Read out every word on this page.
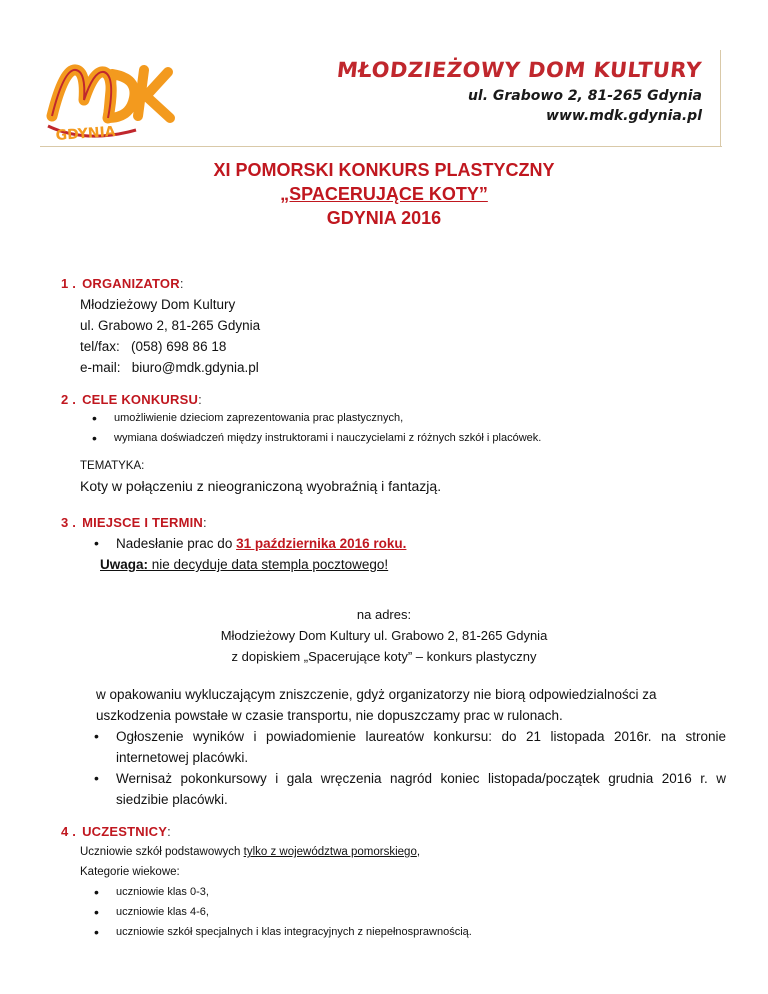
GDYNIA
MŁODZIEŻOWY DOM KULTURY
ul. Grabowo 2, 81-265 Gdynia
www.mdk.gdynia.pl
XI POMORSKI KONKURS PLASTYCZNY
„SPACERUJĄCE KOTY”
GDYNIA 2016
1 . ORGANIZATOR:
Młodzieżowy Dom Kultury
ul. Grabowo 2, 81-265 Gdynia
tel/fax:   (058) 698 86 18
e-mail:   biuro@mdk.gdynia.pl
2 . CELE KONKURSU:
• umożliwienie dzieciom zaprezentowania prac plastycznych,
• wymiana doświadczeń między instruktorami i nauczycielami z różnych szkół i placówek.
TEMATYKA:
Koty w połączeniu z nieograniczoną wyobraźnią i fantazją.
3 . MIEJSCE I TERMIN:
• Nadesłanie prac do 31 października 2016 roku.
Uwaga: nie decyduje data stempla pocztowego!
na adres:
Młodzieżowy Dom Kultury ul. Grabowo 2, 81-265 Gdynia
z dopiskiem „Spacerujące koty” – konkurs plastyczny
w opakowaniu wykluczającym zniszczenie, gdyż organizatorzy nie biorą odpowiedzialności za
uszkodzenia powstałe w czasie transportu, nie dopuszczamy prac w rulonach.
• Ogłoszenie wyników i powiadomienie laureatów konkursu: do 21 listopada 2016r. na stronie
internetowej placówki.
• Wernisaż pokonkursowy i gala wręczenia nagród koniec listopada/początek grudnia 2016 r. w
siedzibie placówki.
4 . UCZESTNICY:
Uczniowie szkół podstawowych tylko z województwa pomorskiego,
Kategorie wiekowe:
• uczniowie klas 0-3,
• uczniowie klas 4-6,
• uczniowie szkół specjalnych i klas integracyjnych z niepełnosprawnością.
